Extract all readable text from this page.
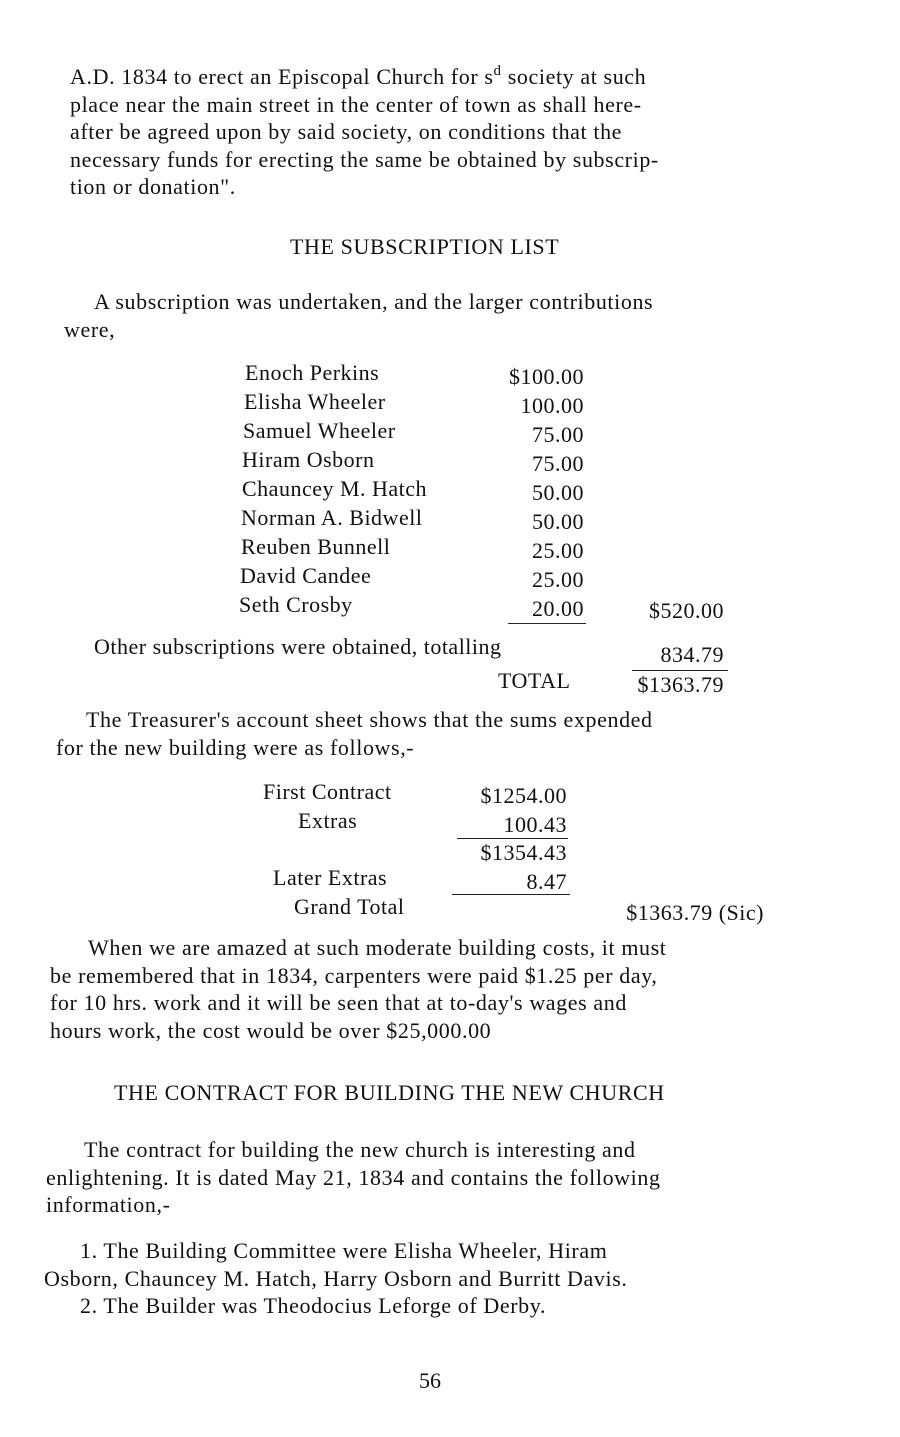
A.D. 1834 to erect an Episcopal Church for $s^d$ society at such
place near the main street in the center of town as shall here-
after be agreed upon by said society, on conditions that the
necessary funds for erecting the same be obtained by subscrip-
tion or donation".
THE SUBSCRIPTION LIST
A subscription was undertaken, and the larger contributions
were,
Enoch Perkins	$100.00
Elisha Wheeler	100.00
Samuel Wheeler	75.00
Hiram Osborn	75.00
Chauncey M. Hatch	50.00
Norman A. Bidwell	50.00
Reuben Bunnell	25.00
David Candee	25.00
Seth Crosby	20.00	$520.00
Other subscriptions were obtained, totalling	834.79
TOTAL	$1363.79
The Treasurer's account sheet shows that the sums expended
for the new building were as follows,-
First Contract	$1254.00
Extras	100.43
$1354.43
Later Extras	8.47
Grand Total	$1363.79 (Sic)
When we are amazed at such moderate building costs, it must
be remembered that in 1834, carpenters were paid $1.25 per day,
for 10 hrs. work and it will be seen that at to-day's wages and
hours work, the cost would be over $25,000.00
THE CONTRACT FOR BUILDING THE NEW CHURCH
The contract for building the new church is interesting and
enlightening. It is dated May 21, 1834 and contains the following
information,-
1. The Building Committee were Elisha Wheeler, Hiram
Osborn, Chauncey M. Hatch, Harry Osborn and Burritt Davis.
2. The Builder was Theodocius Leforge of Derby.
56
